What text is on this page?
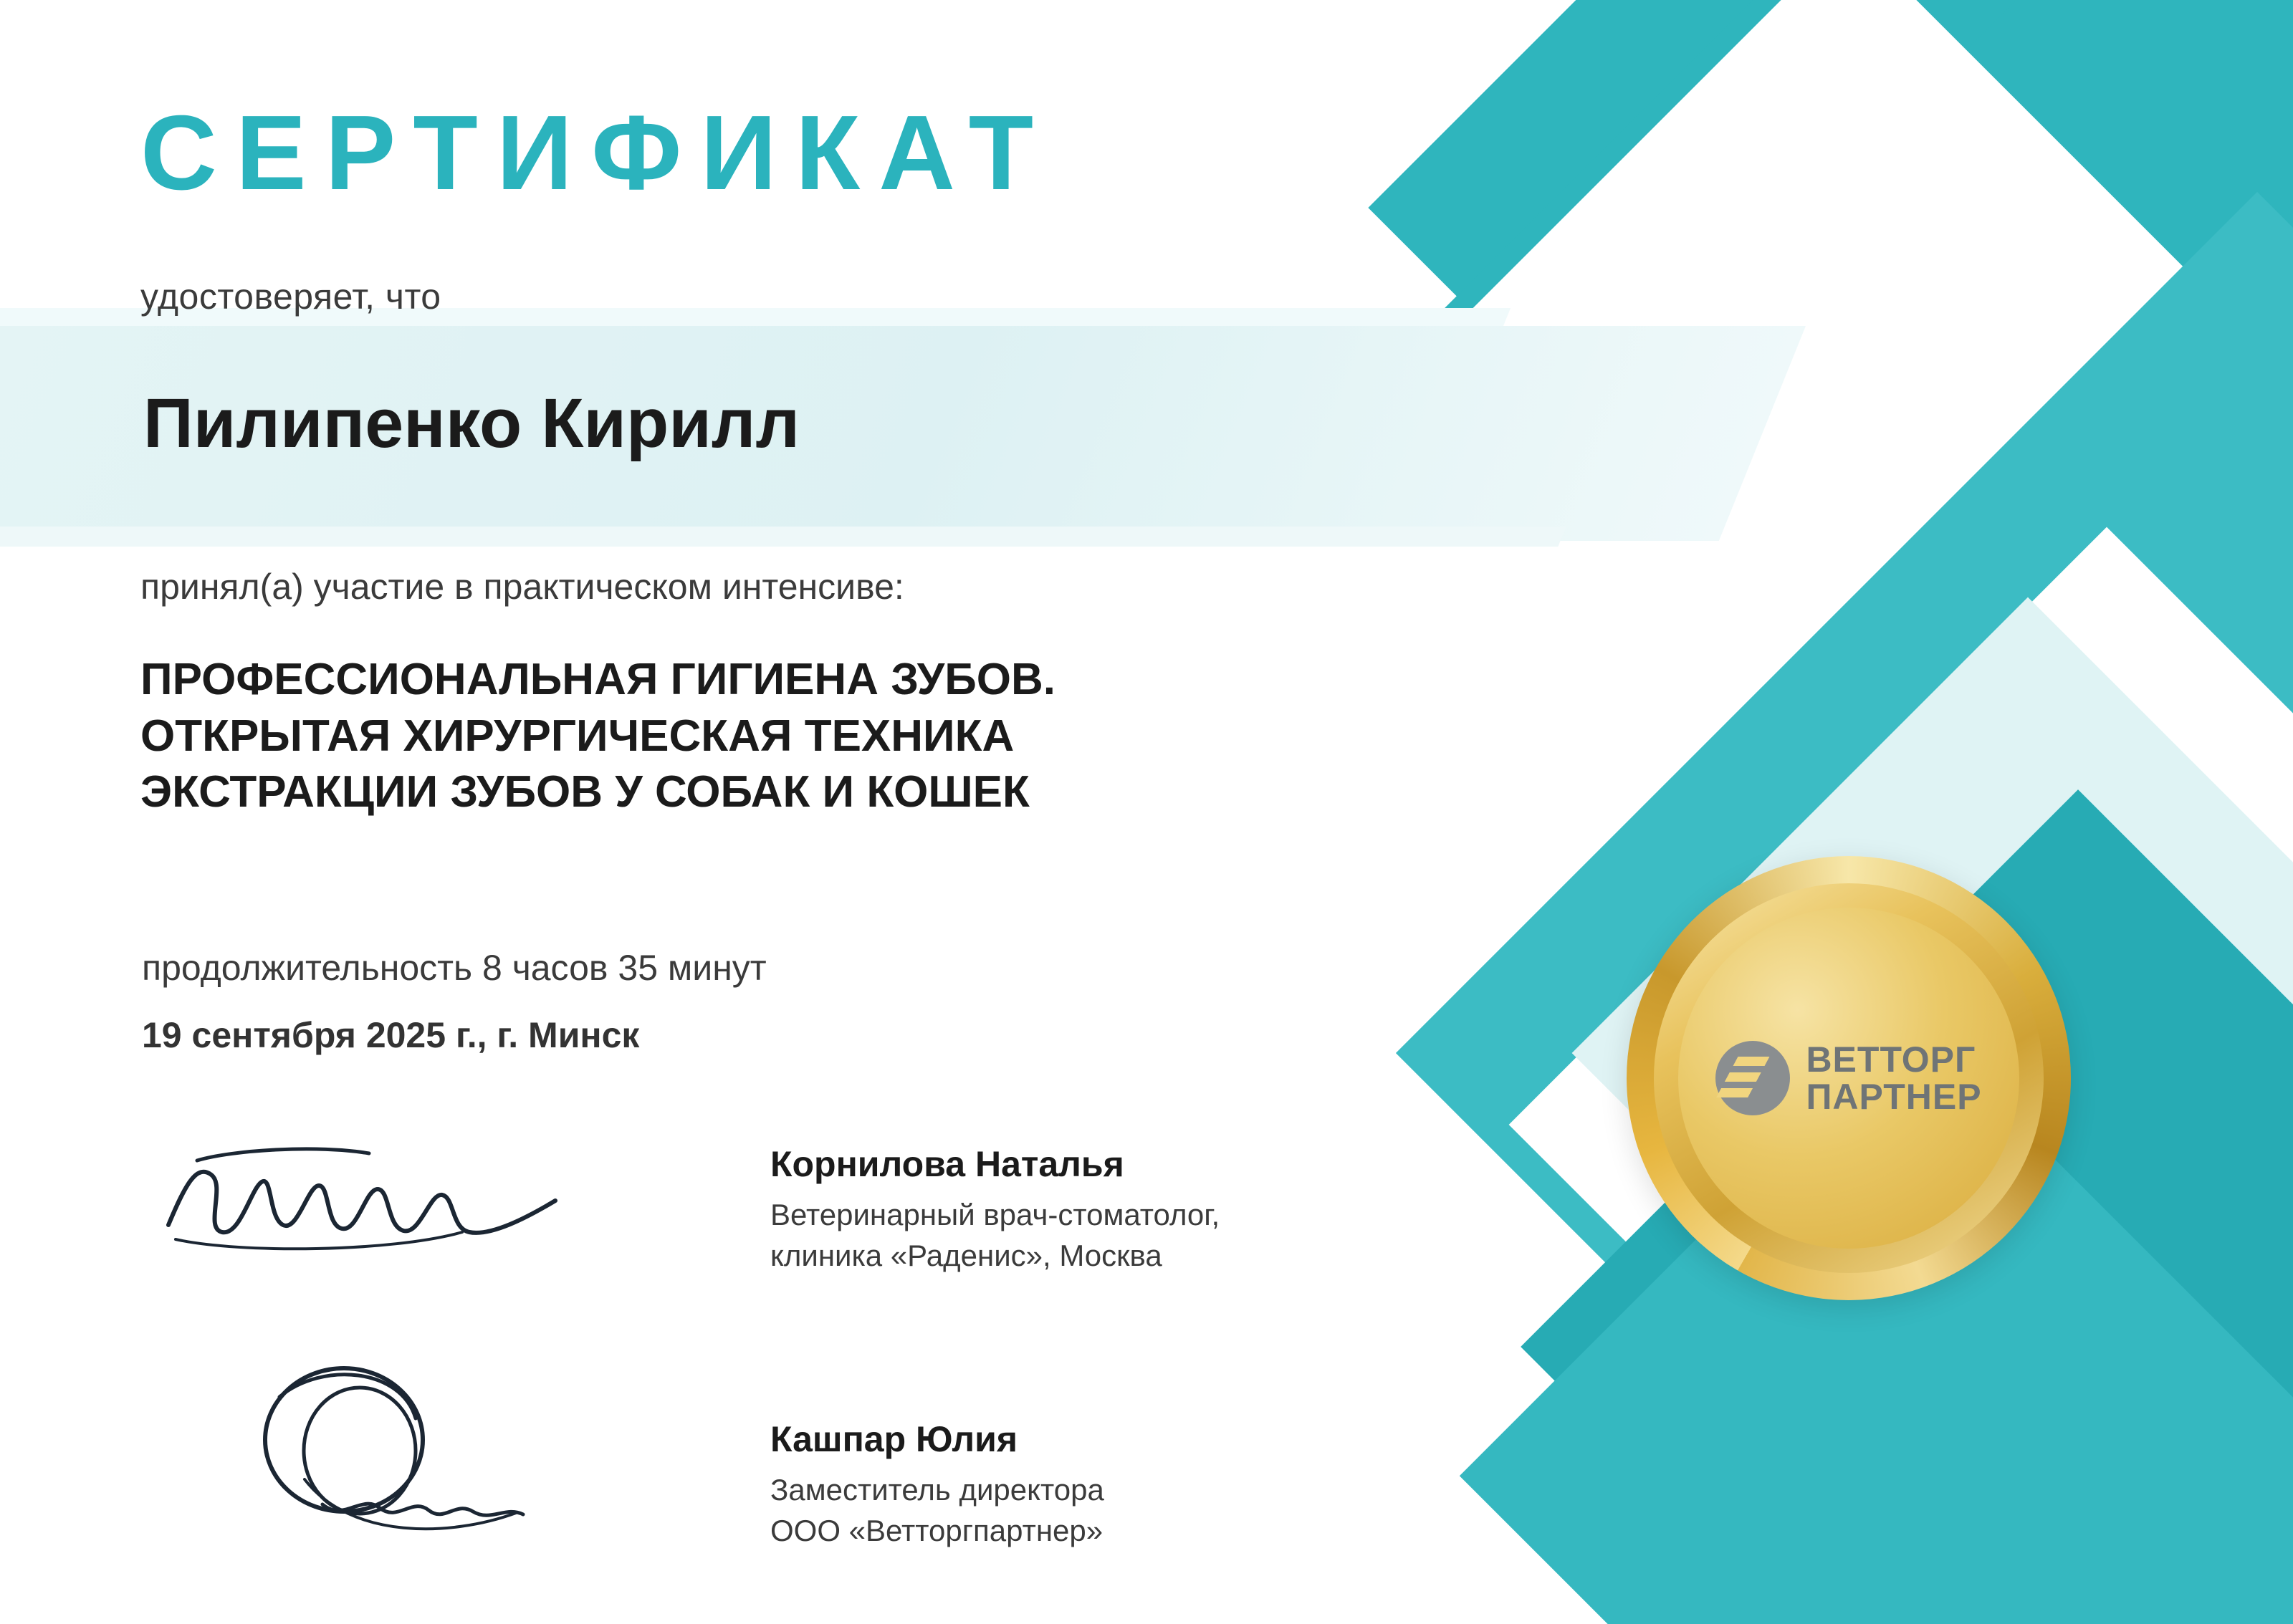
СЕРТИФИКАТ
удостоверяет, что
Пилипенко Кирилл
принял(а) участие в практическом интенсиве:
ПРОФЕССИОНАЛЬНАЯ ГИГИЕНА ЗУБОВ.
ОТКРЫТАЯ ХИРУРГИЧЕСКАЯ ТЕХНИКА
ЭКСТРАКЦИИ ЗУБОВ У СОБАК И КОШЕК
продолжительность 8 часов 35 минут
19 сентября 2025 г., г. Минск
Корнилова Наталья
Ветеринарный врач-стоматолог,
клиника «Раденис», Москва
Кашпар Юлия
Заместитель директора
ООО «Ветторгпартнер»
ВЕТТОРГ
ПАРТНЕР
